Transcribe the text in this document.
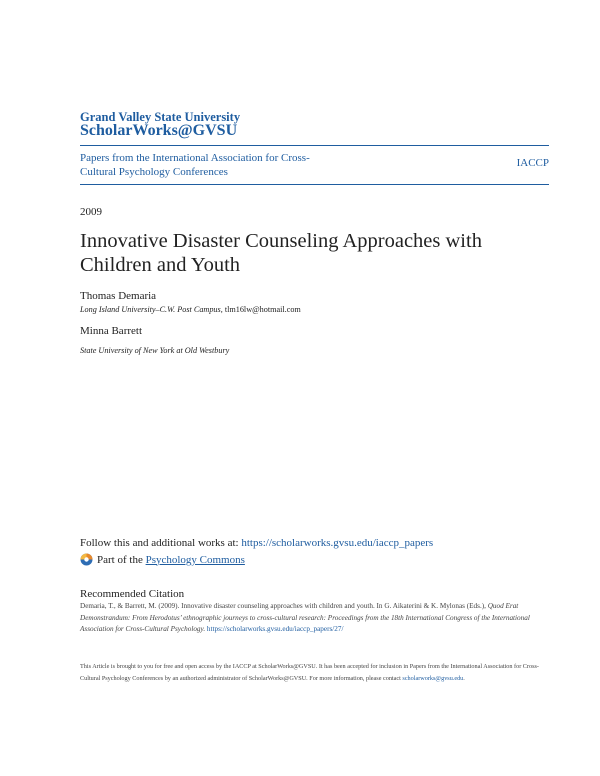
Grand Valley State University
ScholarWorks@GVSU
Papers from the International Association for Cross-Cultural Psychology Conferences
IACCP
2009
Innovative Disaster Counseling Approaches with Children and Youth
Thomas Demaria
Long Island University–C.W. Post Campus, tlm16lw@hotmail.com
Minna Barrett
State University of New York at Old Westbury
Follow this and additional works at: https://scholarworks.gvsu.edu/iaccp_papers
Part of the
Psychology Commons
Recommended Citation
Demaria, T., & Barrett, M. (2009). Innovative disaster counseling approaches with children and youth. In G. Aikaterini & K. Mylonas (Eds.), Quod Erat Demonstrandum: From Herodotus’ ethnographic journeys to cross-cultural research: Proceedings from the 18th International Congress of the International Association for Cross-Cultural Psychology. https://scholarworks.gvsu.edu/iaccp_papers/27/
This Article is brought to you for free and open access by the IACCP at ScholarWorks@GVSU. It has been accepted for inclusion in Papers from the International Association for Cross-Cultural Psychology Conferences by an authorized administrator of ScholarWorks@GVSU. For more information, please contact scholarworks@gvsu.edu.
